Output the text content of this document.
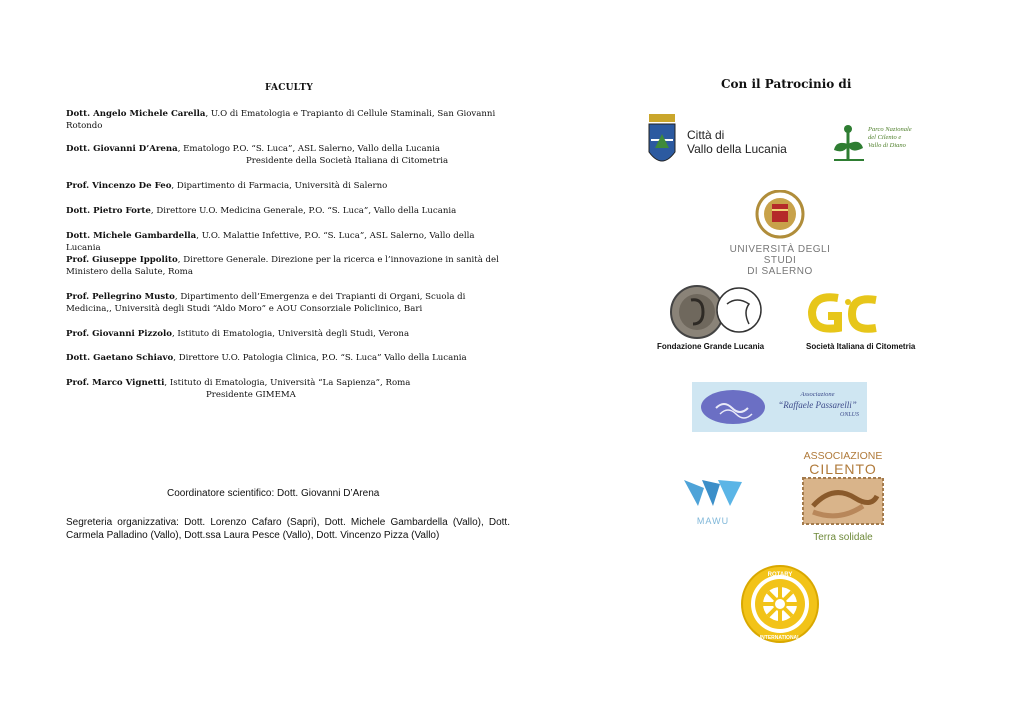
FACULTY
Dott. Angelo Michele Carella, U.O di Ematologia e Trapianto di Cellule Staminali, San Giovanni Rotondo
Dott. Giovanni D’Arena, Ematologo P.O. “S. Luca”, ASL Salerno, Vallo della Lucania
Presidente della Società Italiana di Citometria
Prof. Vincenzo De Feo, Dipartimento di Farmacia, Università di Salerno
Dott. Pietro Forte, Direttore U.O. Medicina Generale, P.O. “S. Luca”, Vallo della Lucania
Dott. Michele Gambardella, U.O. Malattie Infettive, P.O. “S. Luca”, ASL Salerno, Vallo della Lucania
Prof. Giuseppe Ippolito, Direttore Generale. Direzione per la ricerca e l’innovazione in sanità del Ministero della Salute, Roma
Prof. Pellegrino Musto, Dipartimento dell’Emergenza e dei Trapianti di Organi, Scuola di Medicina,, Università degli Studi “Aldo Moro” e AOU Consorziale Policlinico, Bari
Prof. Giovanni Pizzolo, Istituto di Ematologia, Università degli Studi, Verona
Dott. Gaetano Schiavo, Direttore U.O. Patologia Clinica, P.O. “S. Luca” Vallo della Lucania
Prof. Marco Vignetti, Istituto di Ematologia, Università “La Sapienza”, Roma
Presidente GIMEMA
Coordinatore scientifico: Dott. Giovanni D’Arena
Segreteria organizzativa: Dott. Lorenzo Cafaro (Sapri), Dott. Michele Gambardella (Vallo), Dott. Carmela Palladino (Vallo), Dott.ssa Laura Pesce (Vallo), Dott. Vincenzo Pizza (Vallo)
Con il Patrocinio di
Città di
Vallo della Lucania
Parco Nazionale del Cilento e Vallo di Diano
UNIVERSITÀ DEGLI STUDI
DI SALERNO
Fondazione Grande Lucania	Società Italiana di Citometria
Associazione
“Raffaele Passarelli”
ONLUS
MAWU
ASSOCIAZIONE
CILENTO
Terra solidale
ROTARY
INTERNATIONAL
